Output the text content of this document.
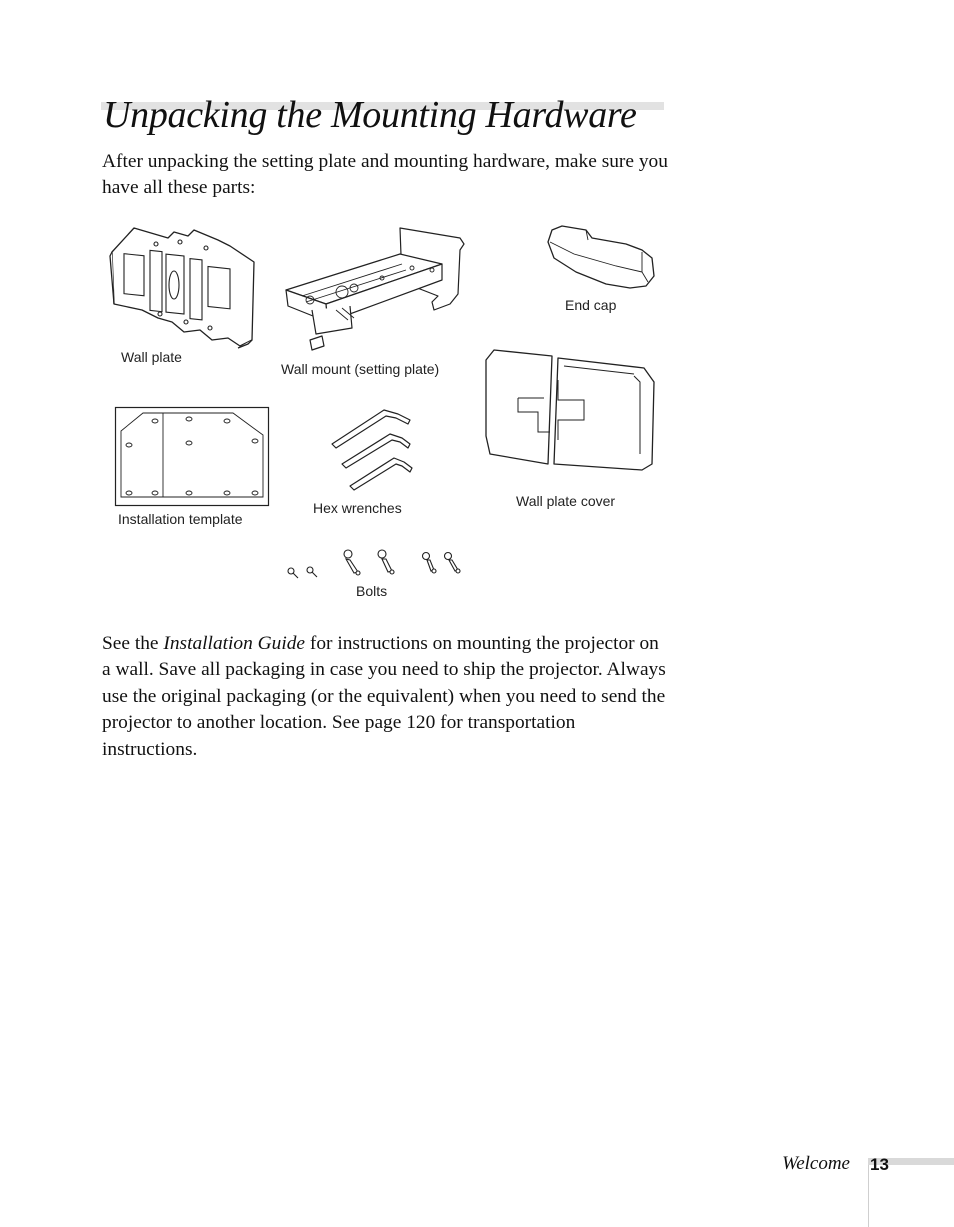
Unpacking the Mounting Hardware

After unpacking the setting plate and mounting hardware, make sure you have all these parts:

Wall plate
Wall mount (setting plate)
End cap
Installation template
Hex wrenches	Wall plate cover
Bolts

See the Installation Guide for instructions on mounting the projector on a wall. Save all packaging in case you need to ship the projector. Always use the original packaging (or the equivalent) when you need to send the projector to another location. See page 120 for transportation instructions.

Welcome 13
